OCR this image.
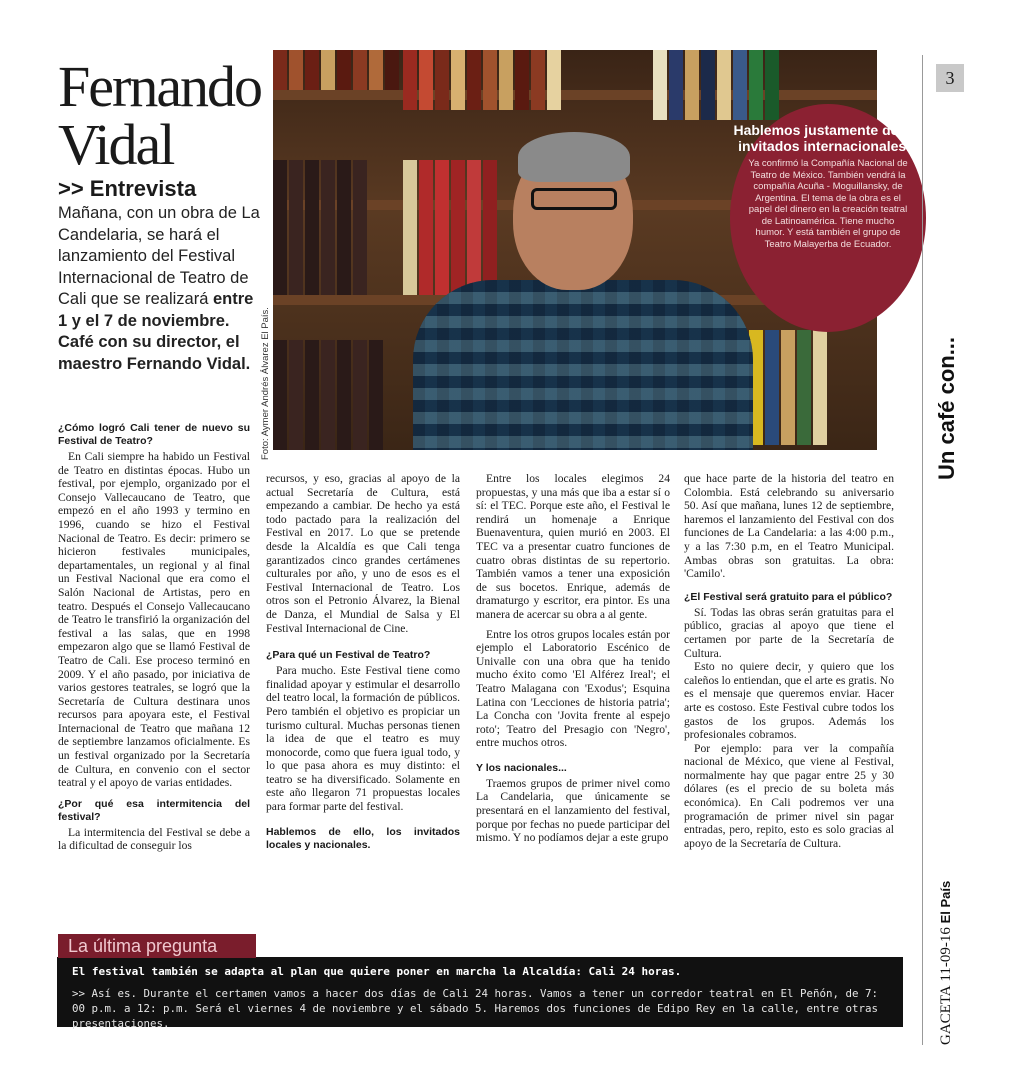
Fernando
Vidal
>> Entrevista
Mañana, con un obra de La Candelaria, se hará el lanzamiento del Festival Internacional de Teatro de Cali que se realizará entre 1 y el 7 de noviembre. Café con su director, el maestro Fernando Vidal.	Foto: Aymer Andrés Álvarez El País.
Hablemos justamente de los invitados internacionales...
Ya confirmó la Compañía Nacional de Teatro de México. También vendrá la compañía Acuña - Moguillansky, de Argentina. El tema de la obra es el papel del dinero en la creación teatral de Latinoamérica. Tiene mucho humor. Y está también el grupo de Teatro Malayerba de Ecuador.
3
Un café con...
GACETA 11-09-16 El País
¿Cómo logró Cali tener de nuevo su Festival de Teatro?

En Cali siempre ha habido un Festival de Teatro en distintas épocas. Hubo un festival, por ejemplo, organizado por el Consejo Vallecaucano de Teatro, que empezó en el año 1993 y termino en 1996, cuando se hizo el Festival Nacional de Teatro. Es decir: primero se hicieron festivales municipales, departamentales, un regional y al final un Festival Nacional que era como el Salón Nacional de Artistas, pero en teatro. Después el Consejo Vallecaucano de Teatro le transfirió la organización del festival a las salas, que en 1998 empezaron algo que se llamó Festival de Teatro de Cali. Ese proceso terminó en 2009. Y el año pasado, por iniciativa de varios gestores teatrales, se logró que la Secretaría de Cultura destinara unos recursos para apoyara este, el Festival Internacional de Teatro que mañana 12 de septiembre lanzamos oficialmente. Es un festival organizado por la Secretaría de Cultura, en convenio con el sector teatral y el apoyo de varias entidades.

¿Por qué esa intermitencia del festival?

La intermitencia del Festival se debe a la dificultad de conseguir los

recursos, y eso, gracias al apoyo de la actual Secretaría de Cultura, está empezando a cambiar. De hecho ya está todo pactado para la realización del Festival en 2017. Lo que se pretende desde la Alcaldía es que Cali tenga garantizados cinco grandes certámenes culturales por año, y uno de esos es el Festival Internacional de Teatro. Los otros son el Petronio Álvarez, la Bienal de Danza, el Mundial de Salsa y El Festival Internacional de Cine.

¿Para qué un Festival de Teatro?

Para mucho. Este Festival tiene como finalidad apoyar y estimular el desarrollo del teatro local, la formación de públicos. Pero también el objetivo es propiciar un turismo cultural. Muchas personas tienen la idea de que el teatro es muy monocorde, como que fuera igual todo, y lo que pasa ahora es muy distinto: el teatro se ha diversificado. Solamente en este año llegaron 71 propuestas locales para formar parte del festival.

Hablemos de ello, los invitados locales y nacionales.

Entre los locales elegimos 24 propuestas, y una más que iba a estar sí o sí: el TEC. Porque este año, el Festival le rendirá un homenaje a Enrique Buenaventura, quien murió en 2003. El TEC va a presentar cuatro funciones de cuatro obras distintas de su repertorio. También vamos a tener una exposición de sus bocetos. Enrique, además de dramaturgo y escritor, era pintor. Es una manera de acercar su obra a al gente.

Entre los otros grupos locales están por ejemplo el Laboratorio Escénico de Univalle con una obra que ha tenido mucho éxito como 'El Alférez Ireal'; el Teatro Malagana con 'Exodus'; Esquina Latina con 'Lecciones de historia patria'; La Concha con 'Jovita frente al espejo roto'; Teatro del Presagio con 'Negro', entre muchos otros.

Y los nacionales...

Traemos grupos de primer nivel como La Candelaria, que únicamente se presentará en el lanzamiento del festival, porque por fechas no puede participar del mismo. Y no podíamos dejar a este grupo

que hace parte de la historia del teatro en Colombia. Está celebrando su aniversario 50. Así que mañana, lunes 12 de septiembre, haremos el lanzamiento del Festival con dos funciones de La Candelaria: a las 4:00 p.m., y a las 7:30 p.m, en el Teatro Municipal. Ambas obras son gratuitas. La obra: 'Camilo'.

¿El Festival será gratuito para el público?

Sí. Todas las obras serán gratuitas para el público, gracias al apoyo que tiene el certamen por parte de la Secretaría de Cultura.

Esto no quiere decir, y quiero que los caleños lo entiendan, que el arte es gratis. No es el mensaje que queremos enviar. Hacer arte es costoso. Este Festival cubre todos los gastos de los grupos. Además los profesionales cobramos.

Por ejemplo: para ver la compañía nacional de México, que viene al Festival, normalmente hay que pagar entre 25 y 30 dólares (es el precio de su boleta más económica). En Cali podremos ver una programación de primer nivel sin pagar entradas, pero, repito, esto es solo gracias al apoyo de la Secretaría de Cultura.

La última pregunta
El festival también se adapta al plan que quiere poner en marcha la Alcaldía: Cali 24 horas.
>> Así es. Durante el certamen vamos a hacer dos días de Cali 24 horas. Vamos a tener un corredor teatral en El Peñón, de 7: 00 p.m. a 12: p.m. Será el viernes 4 de noviembre y el sábado 5. Haremos dos funciones de Edipo Rey en la calle, entre otras presentaciones.
